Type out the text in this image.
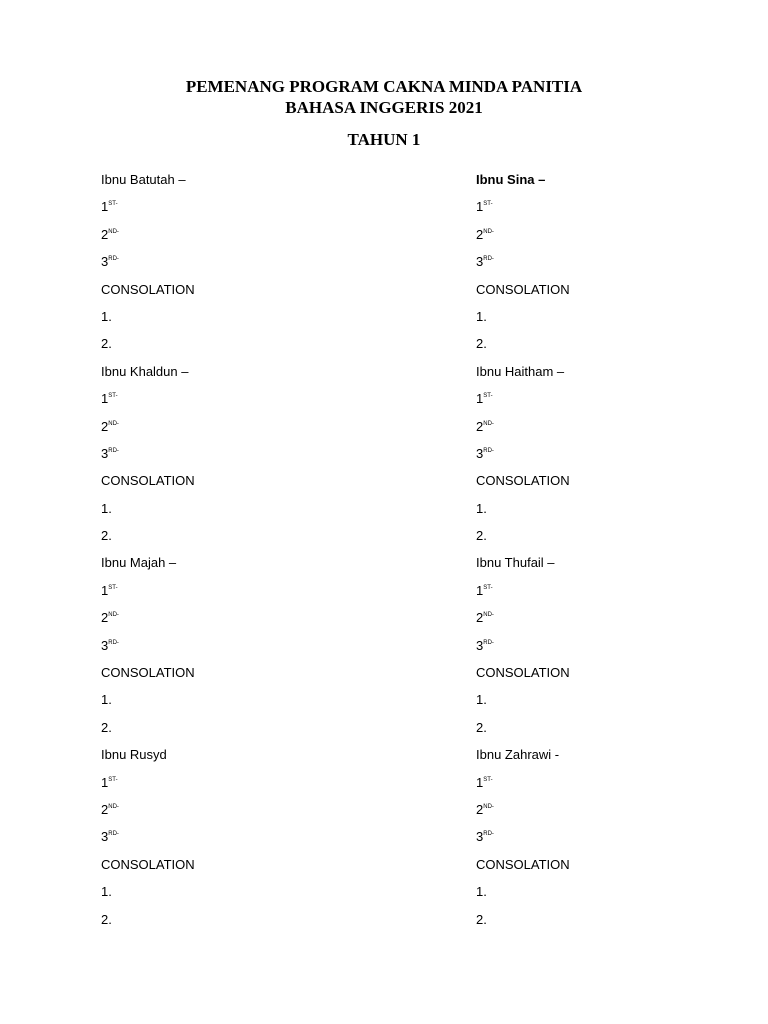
PEMENANG PROGRAM CAKNA MINDA PANITIA
BAHASA INGGERIS 2021
TAHUN 1
Ibnu Batutah –
$1^{ST-}$
$2^{ND-}$
$3^{RD-}$
CONSOLATION
1.
2.
Ibnu Khaldun –
$1^{ST-}$
$2^{ND-}$
$3^{RD-}$
CONSOLATION
1.
2.
Ibnu Majah –
$1^{ST-}$
$2^{ND-}$
$3^{RD-}$
CONSOLATION
1.
2.
Ibnu Rusyd
$1^{ST-}$
$2^{ND-}$
$3^{RD-}$
CONSOLATION
1.
2.
Ibnu Sina –
$1^{ST-}$
$2^{ND-}$
$3^{RD-}$
CONSOLATION
1.
2.
Ibnu Haitham –
$1^{ST-}$
$2^{ND-}$
$3^{RD-}$
CONSOLATION
1.
2.
Ibnu Thufail –
$1^{ST-}$
$2^{ND-}$
$3^{RD-}$
CONSOLATION
1.
2.
Ibnu Zahrawi -
$1^{ST-}$
$2^{ND-}$
$3^{RD-}$
CONSOLATION
1.
2.
